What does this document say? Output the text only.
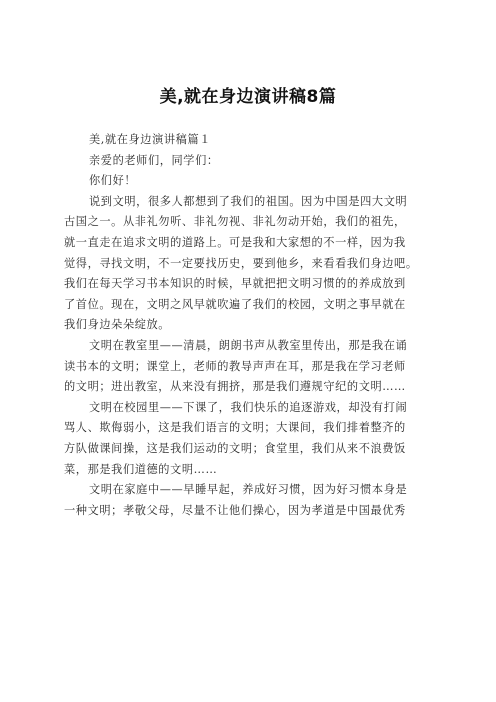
美,就在身边演讲稿8篇
美,就在身边演讲稿篇１
亲爱的老师们，同学们：
你们好！
说到文明，很多人都想到了我们的祖国。因为中国是四大文明
古国之一。从非礼勿听、非礼勿视、非礼勿动开始，我们的祖先，
就一直走在追求文明的道路上。可是我和大家想的不一样，因为我
觉得，寻找文明，不一定要找历史，要到他乡，来看看我们身边吧。
我们在每天学习书本知识的时候，早就把把文明习惯的的养成放到
了首位。现在，文明之风早就吹遍了我们的校园，文明之事早就在
我们身边朵朵绽放。
文明在教室里——清晨，朗朗书声从教室里传出，那是我在诵
读书本的文明；课堂上，老师的教导声声在耳，那是我在学习老师
的文明；进出教室，从来没有拥挤，那是我们遵规守纪的文明……
文明在校园里——下课了，我们快乐的追逐游戏，却没有打闹
骂人、欺侮弱小，这是我们语言的文明；大课间，我们排着整齐的
方队做课间操，这是我们运动的文明；食堂里，我们从来不浪费饭
菜，那是我们道德的文明……
文明在家庭中——早睡早起，养成好习惯，因为好习惯本身是
一种文明；孝敬父母，尽量不让他们操心，因为孝道是中国最优秀
